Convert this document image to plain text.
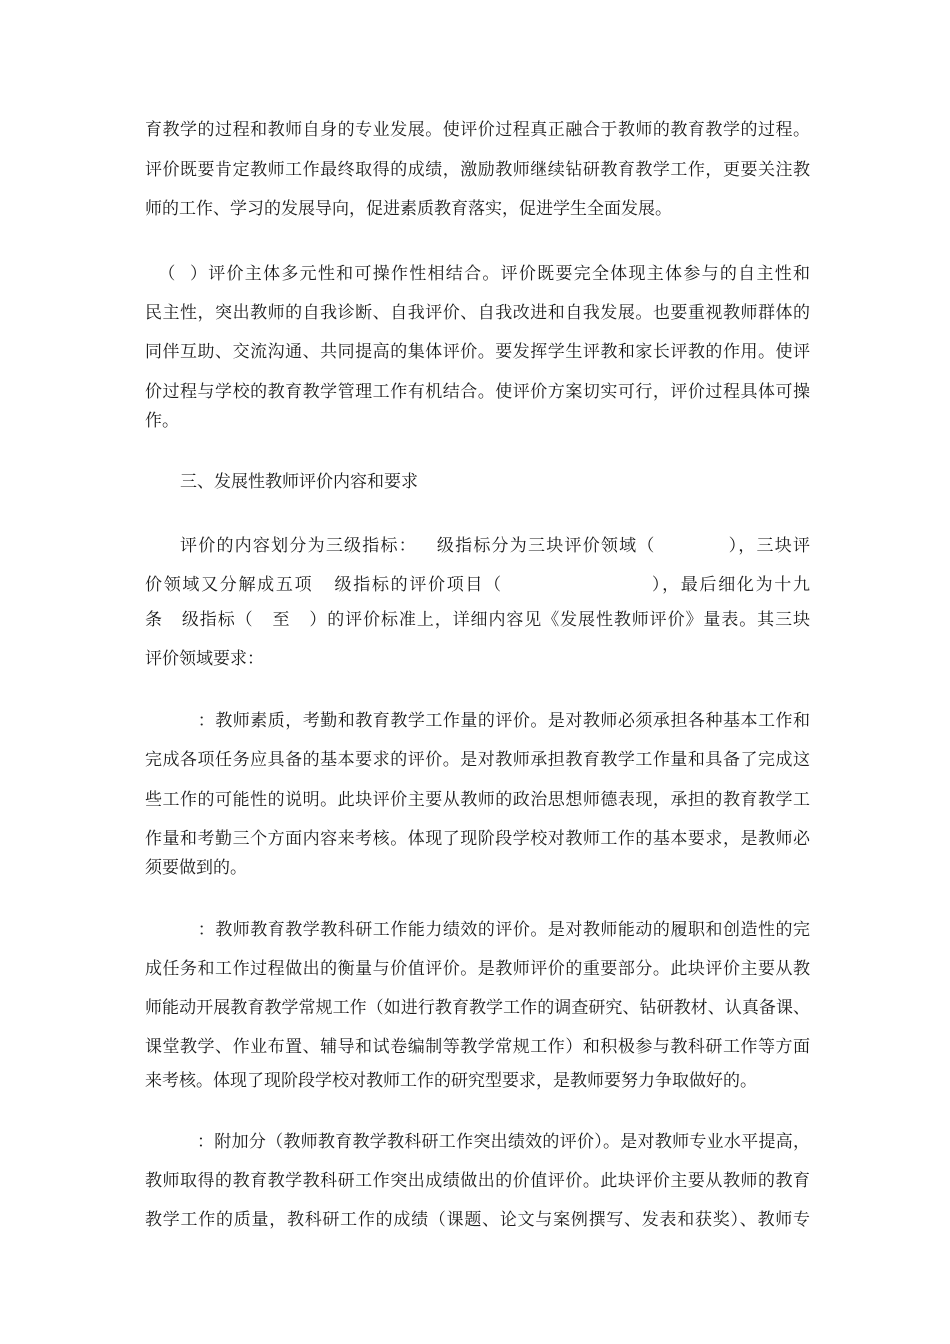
育教学的过程和教师自身的专业发展。使评价过程真正融合于教师的教育教学的过程。
评价既要肯定教师工作最终取得的成绩，激励教师继续钻研教育教学工作，更要关注教
师的工作、学习的发展导向，促进素质教育落实，促进学生全面发展。
（  ）评价主体多元性和可操作性相结合。评价既要完全体现主体参与的自主性和
民主性，突出教师的自我诊断、自我评价、自我改进和自我发展。也要重视教师群体的
同伴互助、交流沟通、共同提高的集体评价。要发挥学生评教和家长评教的作用。使评
价过程与学校的教育教学管理工作有机结合。使评价方案切实可行，评价过程具体可操
作。
三、发展性教师评价内容和要求
评价的内容划分为三级指标：   级指标分为三块评价领域（           ），三块评
价领域又分解成五项   级指标的评价项目（                     ），最后细化为十九
条   级指标（   至   ）的评价标准上，详细内容见《发展性教师评价》量表。其三块
评价领域要求：
：教师素质，考勤和教育教学工作量的评价。是对教师必须承担各种基本工作和
完成各项任务应具备的基本要求的评价。是对教师承担教育教学工作量和具备了完成这
些工作的可能性的说明。此块评价主要从教师的政治思想师德表现，承担的教育教学工
作量和考勤三个方面内容来考核。体现了现阶段学校对教师工作的基本要求，是教师必
须要做到的。
：教师教育教学教科研工作能力绩效的评价。是对教师能动的履职和创造性的完
成任务和工作过程做出的衡量与价值评价。是教师评价的重要部分。此块评价主要从教
师能动开展教育教学常规工作（如进行教育教学工作的调查研究、钻研教材、认真备课、
课堂教学、作业布置、辅导和试卷编制等教学常规工作）和积极参与教科研工作等方面
来考核。体现了现阶段学校对教师工作的研究型要求，是教师要努力争取做好的。
：附加分（教师教育教学教科研工作突出绩效的评价）。是对教师专业水平提高，
教师取得的教育教学教科研工作突出成绩做出的价值评价。此块评价主要从教师的教育
教学工作的质量，教科研工作的成绩（课题、论文与案例撰写、发表和获奖）、教师专
